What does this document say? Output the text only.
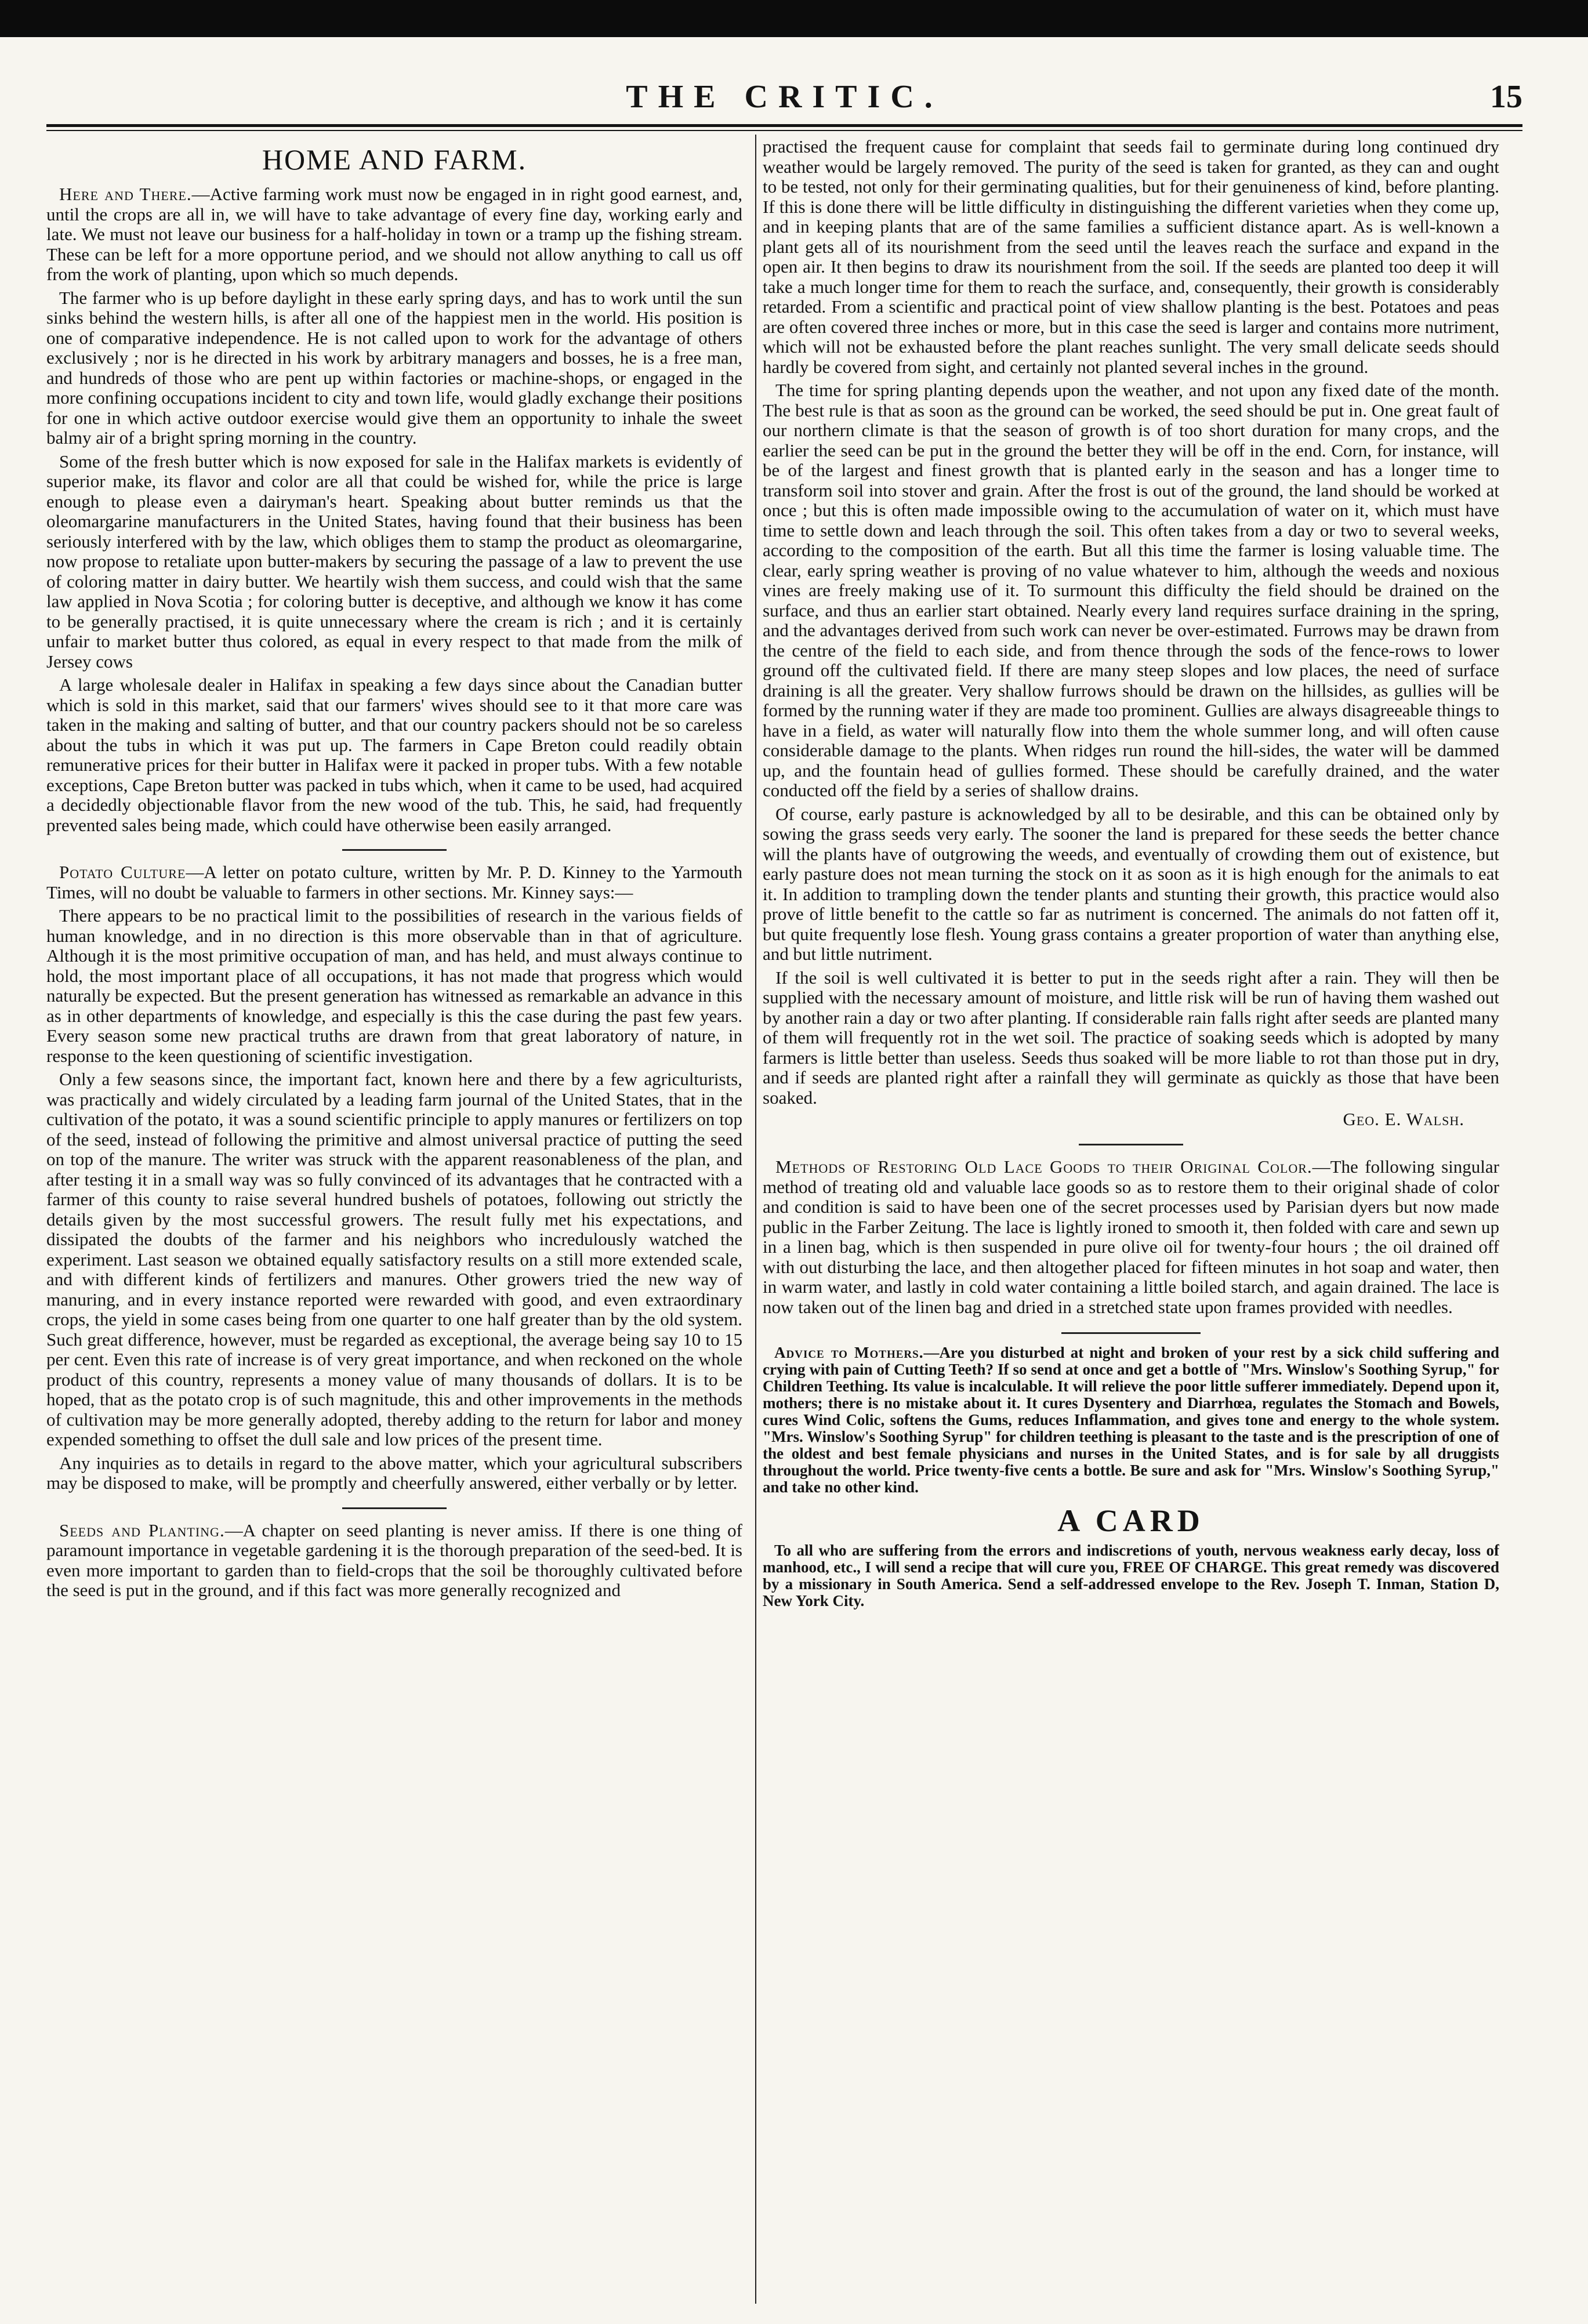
THE CRITIC.	15
HOME AND FARM.

Here and There.—Active farming work must now be engaged in in right good earnest, and, until the crops are all in, we will have to take advantage of every fine day, working early and late. We must not leave our business for a half-holiday in town or a tramp up the fishing stream. These can be left for a more opportune period, and we should not allow anything to call us off from the work of planting, upon which so much depends.

The farmer who is up before daylight in these early spring days, and has to work until the sun sinks behind the western hills, is after all one of the happiest men in the world. His position is one of comparative independence. He is not called upon to work for the advantage of others exclusively ; nor is he directed in his work by arbitrary managers and bosses, he is a free man, and hundreds of those who are pent up within factories or machine-shops, or engaged in the more confining occupations incident to city and town life, would gladly exchange their positions for one in which active outdoor exercise would give them an opportunity to inhale the sweet balmy air of a bright spring morning in the country.

Some of the fresh butter which is now exposed for sale in the Halifax markets is evidently of superior make, its flavor and color are all that could be wished for, while the price is large enough to please even a dairyman's heart. Speaking about butter reminds us that the oleomargarine manufacturers in the United States, having found that their business has been seriously interfered with by the law, which obliges them to stamp the product as oleomargarine, now propose to retaliate upon butter-makers by securing the passage of a law to prevent the use of coloring matter in dairy butter. We heartily wish them success, and could wish that the same law applied in Nova Scotia ; for coloring butter is deceptive, and although we know it has come to be generally practised, it is quite unnecessary where the cream is rich ; and it is certainly unfair to market butter thus colored, as equal in every respect to that made from the milk of Jersey cows

A large wholesale dealer in Halifax in speaking a few days since about the Canadian butter which is sold in this market, said that our farmers' wives should see to it that more care was taken in the making and salting of butter, and that our country packers should not be so careless about the tubs in which it was put up. The farmers in Cape Breton could readily obtain remunerative prices for their butter in Halifax were it packed in proper tubs. With a few notable exceptions, Cape Breton butter was packed in tubs which, when it came to be used, had acquired a decidedly objectionable flavor from the new wood of the tub. This, he said, had frequently prevented sales being made, which could have otherwise been easily arranged.

Potato Culture—A letter on potato culture, written by Mr. P. D. Kinney to the Yarmouth Times, will no doubt be valuable to farmers in other sections. Mr. Kinney says:—

There appears to be no practical limit to the possibilities of research in the various fields of human knowledge, and in no direction is this more observable than in that of agriculture. Although it is the most primitive occupation of man, and has held, and must always continue to hold, the most important place of all occupations, it has not made that progress which would naturally be expected. But the present generation has witnessed as remarkable an advance in this as in other departments of knowledge, and especially is this the case during the past few years. Every season some new practical truths are drawn from that great laboratory of nature, in response to the keen questioning of scientific investigation.

Only a few seasons since, the important fact, known here and there by a few agriculturists, was practically and widely circulated by a leading farm journal of the United States, that in the cultivation of the potato, it was a sound scientific principle to apply manures or fertilizers on top of the seed, instead of following the primitive and almost universal practice of putting the seed on top of the manure. The writer was struck with the apparent reasonableness of the plan, and after testing it in a small way was so fully convinced of its advantages that he contracted with a farmer of this county to raise several hundred bushels of potatoes, following out strictly the details given by the most successful growers. The result fully met his expectations, and dissipated the doubts of the farmer and his neighbors who incredulously watched the experiment. Last season we obtained equally satisfactory results on a still more extended scale, and with different kinds of fertilizers and manures. Other growers tried the new way of manuring, and in every instance reported were rewarded with good, and even extraordinary crops, the yield in some cases being from one quarter to one half greater than by the old system. Such great difference, however, must be regarded as exceptional, the average being say 10 to 15 per cent. Even this rate of increase is of very great importance, and when reckoned on the whole product of this country, represents a money value of many thousands of dollars. It is to be hoped, that as the potato crop is of such magnitude, this and other improvements in the methods of cultivation may be more generally adopted, thereby adding to the return for labor and money expended something to offset the dull sale and low prices of the present time.

Any inquiries as to details in regard to the above matter, which your agricultural subscribers may be disposed to make, will be promptly and cheerfully answered, either verbally or by letter.

Seeds and Planting.—A chapter on seed planting is never amiss. If there is one thing of paramount importance in vegetable gardening it is the thorough preparation of the seed-bed. It is even more important to garden than to field-crops that the soil be thoroughly cultivated before the seed is put in the ground, and if this fact was more generally recognized and

practised the frequent cause for complaint that seeds fail to germinate during long continued dry weather would be largely removed. The purity of the seed is taken for granted, as they can and ought to be tested, not only for their germinating qualities, but for their genuineness of kind, before planting. If this is done there will be little difficulty in distinguishing the different varieties when they come up, and in keeping plants that are of the same families a sufficient distance apart. As is well-known a plant gets all of its nourishment from the seed until the leaves reach the surface and expand in the open air. It then begins to draw its nourishment from the soil. If the seeds are planted too deep it will take a much longer time for them to reach the surface, and, consequently, their growth is considerably retarded. From a scientific and practical point of view shallow planting is the best. Potatoes and peas are often covered three inches or more, but in this case the seed is larger and contains more nutriment, which will not be exhausted before the plant reaches sunlight. The very small delicate seeds should hardly be covered from sight, and certainly not planted several inches in the ground.

The time for spring planting depends upon the weather, and not upon any fixed date of the month. The best rule is that as soon as the ground can be worked, the seed should be put in. One great fault of our northern climate is that the season of growth is of too short duration for many crops, and the earlier the seed can be put in the ground the better they will be off in the end. Corn, for instance, will be of the largest and finest growth that is planted early in the season and has a longer time to transform soil into stover and grain. After the frost is out of the ground, the land should be worked at once ; but this is often made impossible owing to the accumulation of water on it, which must have time to settle down and leach through the soil. This often takes from a day or two to several weeks, according to the composition of the earth. But all this time the farmer is losing valuable time. The clear, early spring weather is proving of no value whatever to him, although the weeds and noxious vines are freely making use of it. To surmount this difficulty the field should be drained on the surface, and thus an earlier start obtained. Nearly every land requires surface draining in the spring, and the advantages derived from such work can never be over-estimated. Furrows may be drawn from the centre of the field to each side, and from thence through the sods of the fence-rows to lower ground off the cultivated field. If there are many steep slopes and low places, the need of surface draining is all the greater. Very shallow furrows should be drawn on the hillsides, as gullies will be formed by the running water if they are made too prominent. Gullies are always disagreeable things to have in a field, as water will naturally flow into them the whole summer long, and will often cause considerable damage to the plants. When ridges run round the hill-sides, the water will be dammed up, and the fountain head of gullies formed. These should be carefully drained, and the water conducted off the field by a series of shallow drains.

Of course, early pasture is acknowledged by all to be desirable, and this can be obtained only by sowing the grass seeds very early. The sooner the land is prepared for these seeds the better chance will the plants have of outgrowing the weeds, and eventually of crowding them out of existence, but early pasture does not mean turning the stock on it as soon as it is high enough for the animals to eat it. In addition to trampling down the tender plants and stunting their growth, this practice would also prove of little benefit to the cattle so far as nutriment is concerned. The animals do not fatten off it, but quite frequently lose flesh. Young grass contains a greater proportion of water than anything else, and but little nutriment.

If the soil is well cultivated it is better to put in the seeds right after a rain. They will then be supplied with the necessary amount of moisture, and little risk will be run of having them washed out by another rain a day or two after planting. If considerable rain falls right after seeds are planted many of them will frequently rot in the wet soil. The practice of soaking seeds which is adopted by many farmers is little better than useless. Seeds thus soaked will be more liable to rot than those put in dry, and if seeds are planted right after a rainfall they will germinate as quickly as those that have been soaked.

Geo. E. Walsh.

Methods of Restoring Old Lace Goods to their Original Color.—The following singular method of treating old and valuable lace goods so as to restore them to their original shade of color and condition is said to have been one of the secret processes used by Parisian dyers but now made public in the Farber Zeitung. The lace is lightly ironed to smooth it, then folded with care and sewn up in a linen bag, which is then suspended in pure olive oil for twenty-four hours ; the oil drained off with out disturbing the lace, and then altogether placed for fifteen minutes in hot soap and water, then in warm water, and lastly in cold water containing a little boiled starch, and again drained. The lace is now taken out of the linen bag and dried in a stretched state upon frames provided with needles.

Advice to Mothers.—Are you disturbed at night and broken of your rest by a sick child suffering and crying with pain of Cutting Teeth? If so send at once and get a bottle of "Mrs. Winslow's Soothing Syrup," for Children Teething. Its value is incalculable. It will relieve the poor little sufferer immediately. Depend upon it, mothers; there is no mistake about it. It cures Dysentery and Diarrhœa, regulates the Stomach and Bowels, cures Wind Colic, softens the Gums, reduces Inflammation, and gives tone and energy to the whole system. "Mrs. Winslow's Soothing Syrup" for children teething is pleasant to the taste and is the prescription of one of the oldest and best female physicians and nurses in the United States, and is for sale by all druggists throughout the world. Price twenty-five cents a bottle. Be sure and ask for "Mrs. Winslow's Soothing Syrup," and take no other kind.

A CARD

To all who are suffering from the errors and indiscretions of youth, nervous weakness early decay, loss of manhood, etc., I will send a recipe that will cure you, FREE OF CHARGE. This great remedy was discovered by a missionary in South America. Send a self-addressed envelope to the Rev. Joseph T. Inman, Station D, New York City.
